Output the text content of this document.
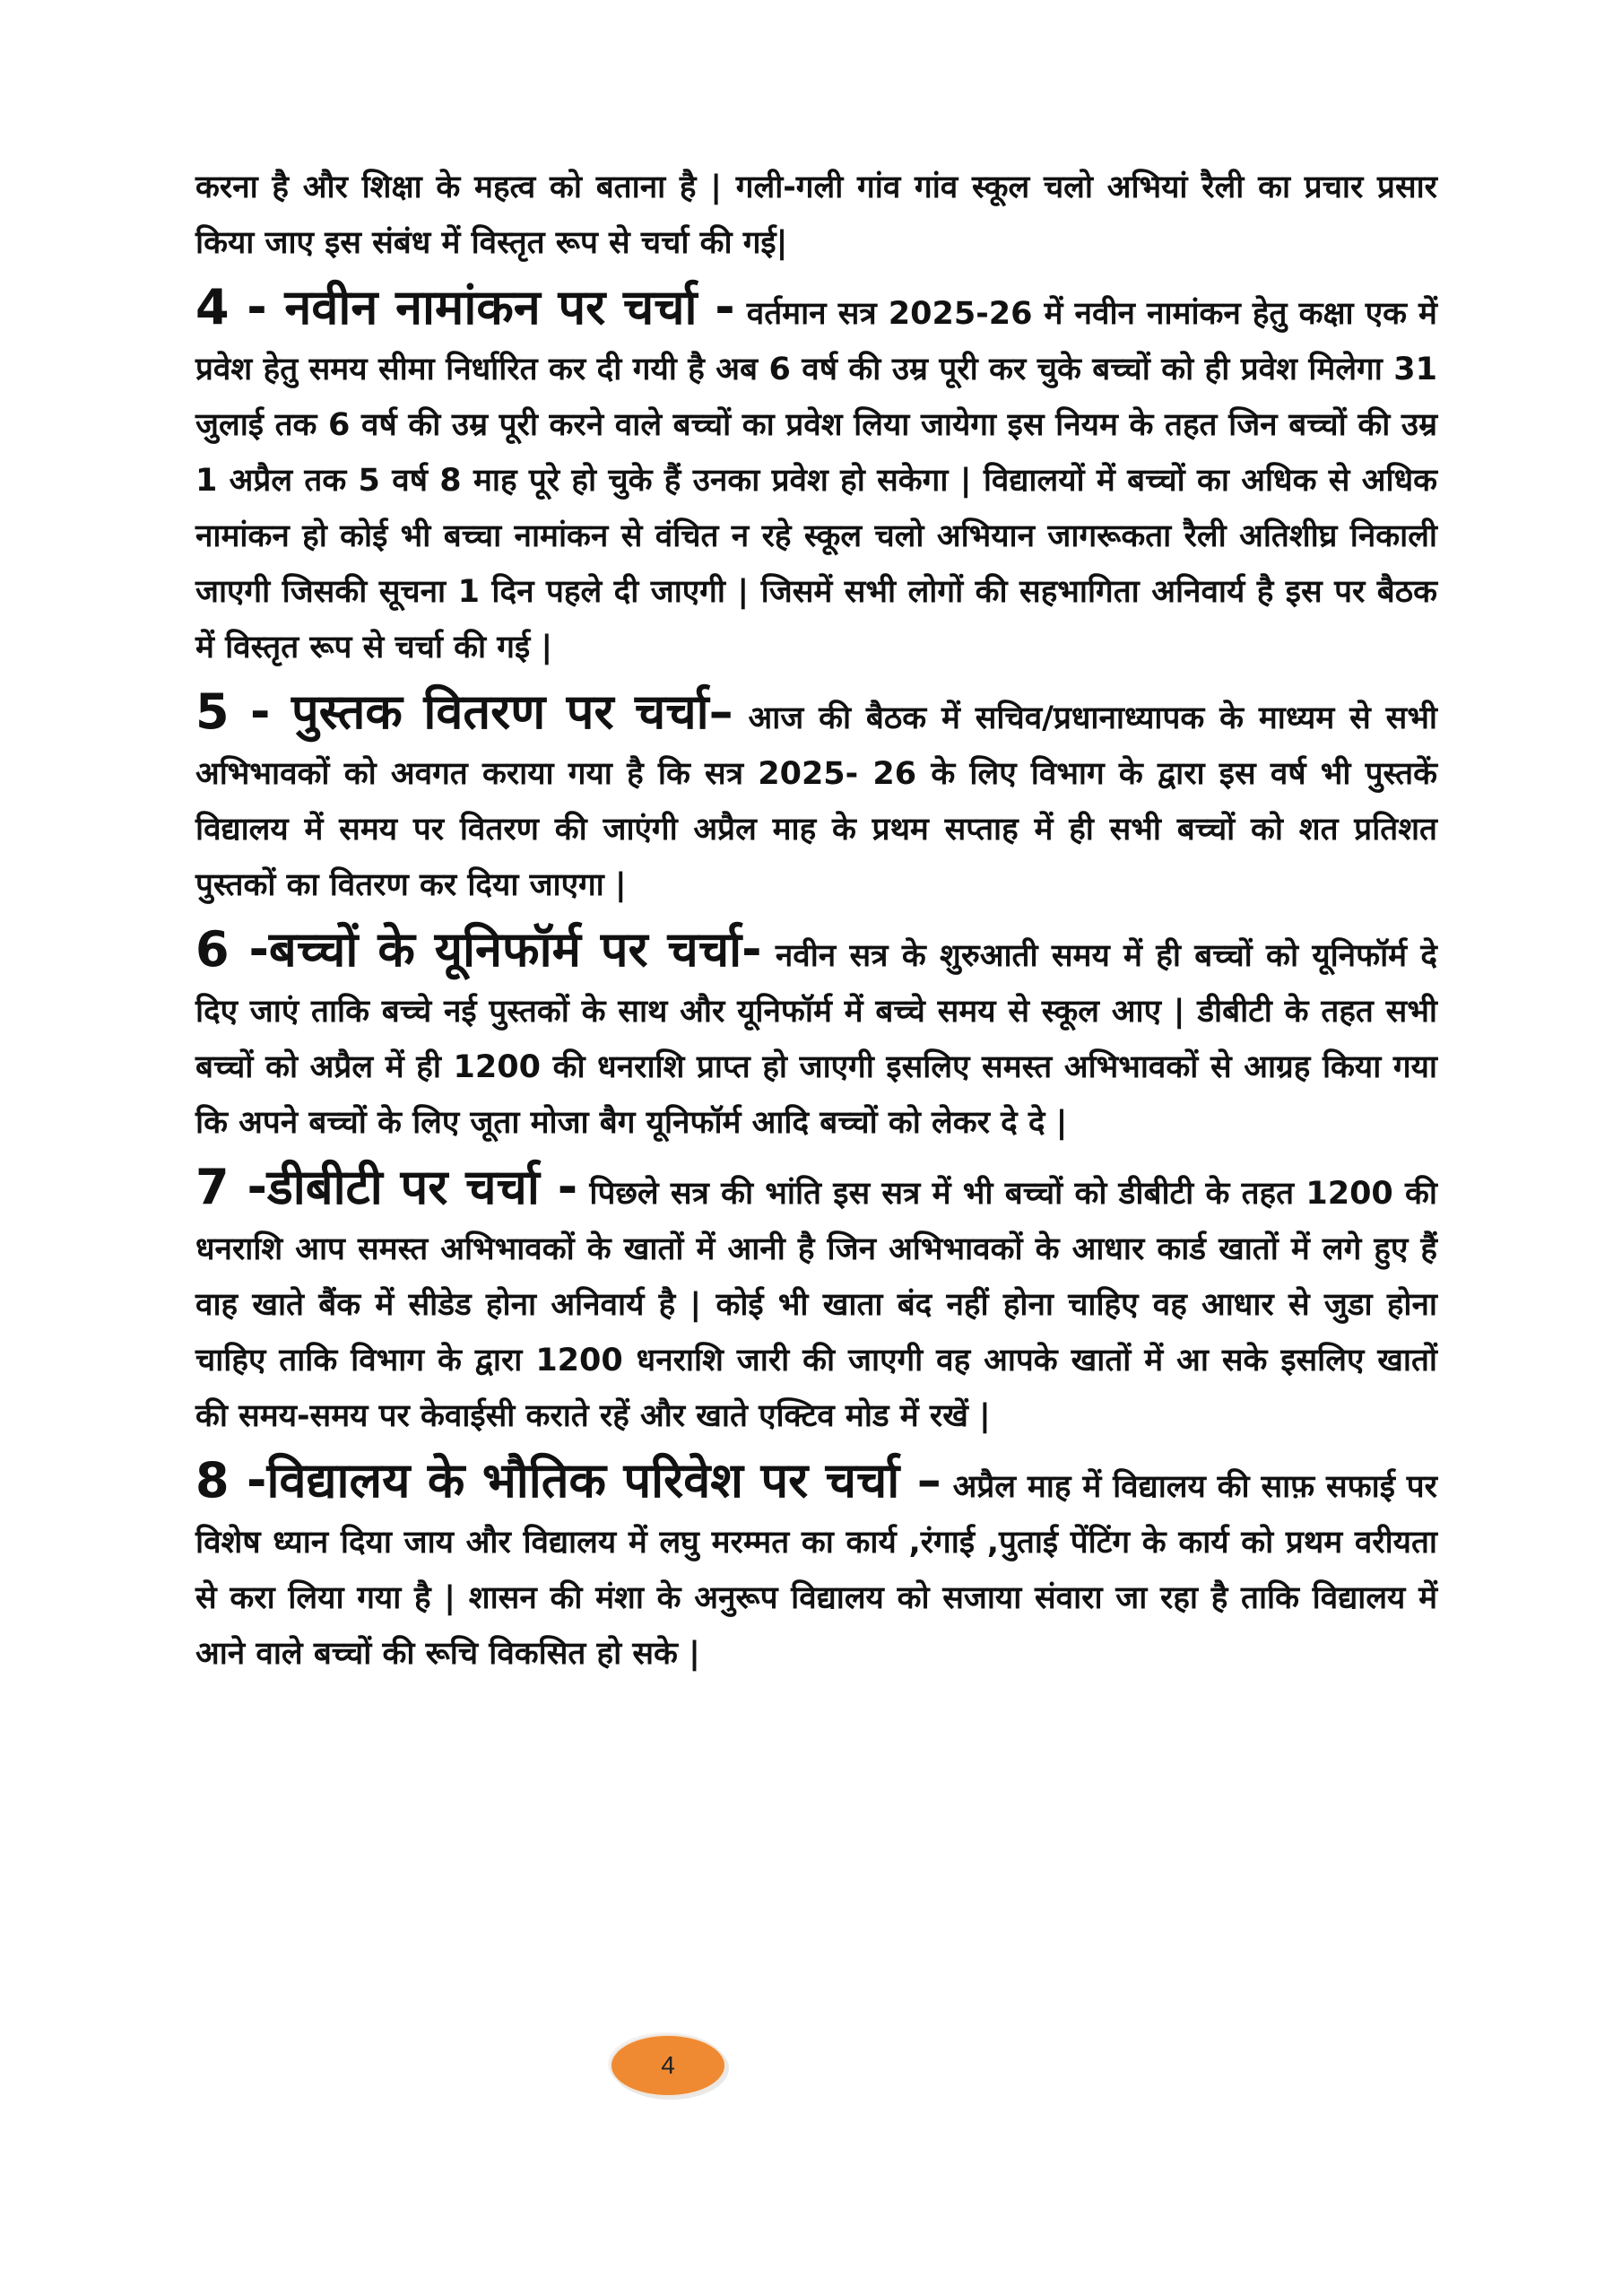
करना है और शिक्षा के महत्व को बताना है | गली-गली गांव गांव स्कूल चलो अभियां रैली का प्रचार प्रसार किया जाए इस संबंध में विस्तृत रूप से चर्चा की गई|

4 - नवीन नामांकन पर चर्चा - वर्तमान सत्र 2025-26 में नवीन नामांकन हेतु कक्षा एक में प्रवेश हेतु समय सीमा निर्धारित कर दी गयी है अब 6 वर्ष की उम्र पूरी कर चुके बच्चों को ही प्रवेश मिलेगा 31 जुलाई तक 6 वर्ष की उम्र पूरी करने वाले बच्चों का प्रवेश लिया जायेगा इस नियम के तहत जिन बच्चों की उम्र 1 अप्रैल तक 5 वर्ष 8 माह पूरे हो चुके हैं उनका प्रवेश हो सकेगा | विद्यालयों में बच्चों का अधिक से अधिक नामांकन हो कोई भी बच्चा नामांकन से वंचित न रहे स्कूल चलो अभियान जागरूकता रैली अतिशीघ्र निकाली जाएगी जिसकी सूचना 1 दिन पहले दी जाएगी | जिसमें सभी लोगों की सहभागिता अनिवार्य है इस पर बैठक में विस्तृत रूप से चर्चा की गई |

5 - पुस्तक वितरण पर चर्चा– आज की बैठक में सचिव/प्रधानाध्यापक के माध्यम से सभी अभिभावकों को अवगत कराया गया है कि सत्र 2025- 26 के लिए विभाग के द्वारा इस वर्ष भी पुस्तकें विद्यालय में समय पर वितरण की जाएंगी अप्रैल माह के प्रथम सप्ताह में ही सभी बच्चों को शत प्रतिशत पुस्तकों का वितरण कर दिया जाएगा |

6 -बच्चों के यूनिफॉर्म पर चर्चा- नवीन सत्र के शुरुआती समय में ही बच्चों को यूनिफॉर्म दे दिए जाएं ताकि बच्चे नई पुस्तकों के साथ और यूनिफॉर्म में बच्चे समय से स्कूल आए | डीबीटी के तहत सभी बच्चों को अप्रैल में ही 1200 की धनराशि प्राप्त हो जाएगी इसलिए समस्त अभिभावकों से आग्रह किया गया कि अपने बच्चों के लिए जूता मोजा बैग यूनिफॉर्म आदि बच्चों को लेकर दे दे |

7 -डीबीटी पर चर्चा - पिछले सत्र की भांति इस सत्र में भी बच्चों को डीबीटी के तहत 1200 की धनराशि आप समस्त अभिभावकों के खातों में आनी है जिन अभिभावकों के आधार कार्ड खातों में लगे हुए हैं वाह खाते बैंक में सीडेड होना अनिवार्य है | कोई भी खाता बंद नहीं होना चाहिए वह आधार से जुडा होना चाहिए ताकि विभाग के द्वारा 1200 धनराशि जारी की जाएगी वह आपके खातों में आ सके इसलिए खातों की समय-समय पर केवाईसी कराते रहें और खाते एक्टिव मोड में रखें |

8 -विद्यालय के भौतिक परिवेश पर चर्चा – अप्रैल माह में विद्यालय की साफ़ सफाई पर विशेष ध्यान दिया जाय और विद्यालय में लघु मरम्मत का कार्य ,रंगाई ,पुताई पेंटिंग के कार्य को प्रथम वरीयता से करा लिया गया है | शासन की मंशा के अनुरूप विद्यालय को सजाया संवारा जा रहा है ताकि विद्यालय में आने वाले बच्चों की रूचि विकसित हो सके |

4
